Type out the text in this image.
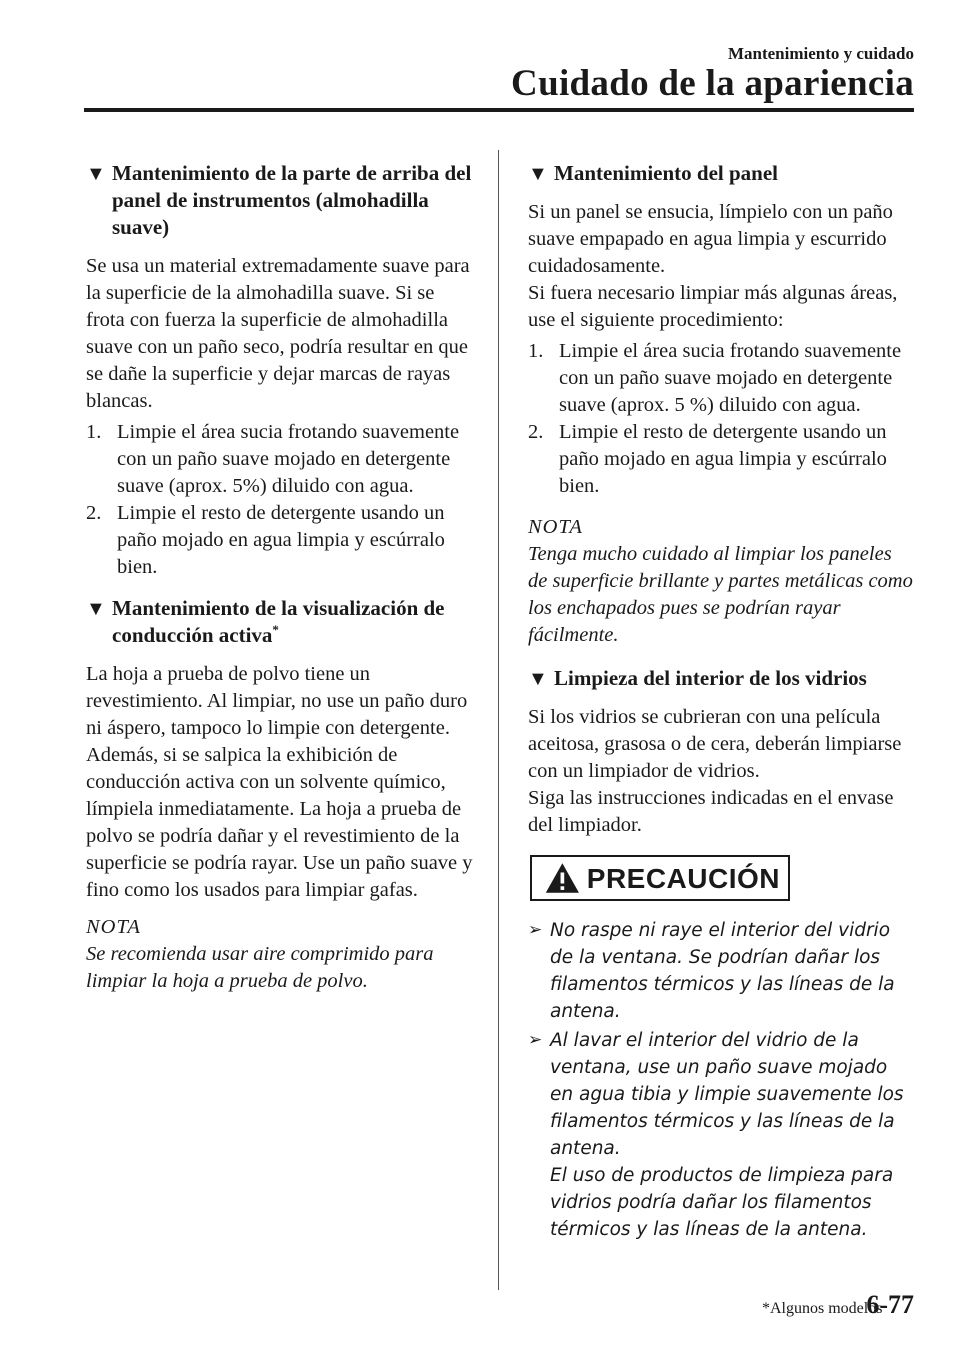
Mantenimiento y cuidado
Cuidado de la apariencia
▼ Mantenimiento de la parte de arriba del panel de instrumentos (almohadilla suave)

Se usa un material extremadamente suave para la superficie de la almohadilla suave. Si se frota con fuerza la superficie de almohadilla suave con un paño seco, podría resultar en que se dañe la superficie y dejar marcas de rayas blancas.

1. Limpie el área sucia frotando suavemente con un paño suave mojado en detergente suave (aprox. 5%) diluido con agua.
2. Limpie el resto de detergente usando un paño mojado en agua limpia y escúrralo bien.
▼ Mantenimiento de la visualización de conducción activa*

La hoja a prueba de polvo tiene un revestimiento. Al limpiar, no use un paño duro ni áspero, tampoco lo limpie con detergente. Además, si se salpica la exhibición de conducción activa con un solvente químico, límpiela inmediatamente. La hoja a prueba de polvo se podría dañar y el revestimiento de la superficie se podría rayar. Use un paño suave y fino como los usados para limpiar gafas.

NOTA
Se recomienda usar aire comprimido para limpiar la hoja a prueba de polvo.
▼ Mantenimiento del panel

Si un panel se ensucia, límpielo con un paño suave empapado en agua limpia y escurrido cuidadosamente.

Si fuera necesario limpiar más algunas áreas, use el siguiente procedimiento:

1. Limpie el área sucia frotando suavemente con un paño suave mojado en detergente suave (aprox. 5 %) diluido con agua.
2. Limpie el resto de detergente usando un paño mojado en agua limpia y escúrralo bien.
NOTA
Tenga mucho cuidado al limpiar los paneles de superficie brillante y partes metálicas como los enchapados pues se podrían rayar fácilmente.
▼ Limpieza del interior de los vidrios

Si los vidrios se cubrieran con una película aceitosa, grasosa o de cera, deberán limpiarse con un limpiador de vidrios.

Siga las instrucciones indicadas en el envase del limpiador.

PRECAUCIÓN
➢ No raspe ni raye el interior del vidrio de la ventana. Se podrían dañar los filamentos térmicos y las líneas de la antena.
➢ Al lavar el interior del vidrio de la ventana, use un paño suave mojado en agua tibia y limpie suavemente los filamentos térmicos y las líneas de la antena.
El uso de productos de limpieza para vidrios podría dañar los filamentos térmicos y las líneas de la antena.
*Algunos modelos
6-77
